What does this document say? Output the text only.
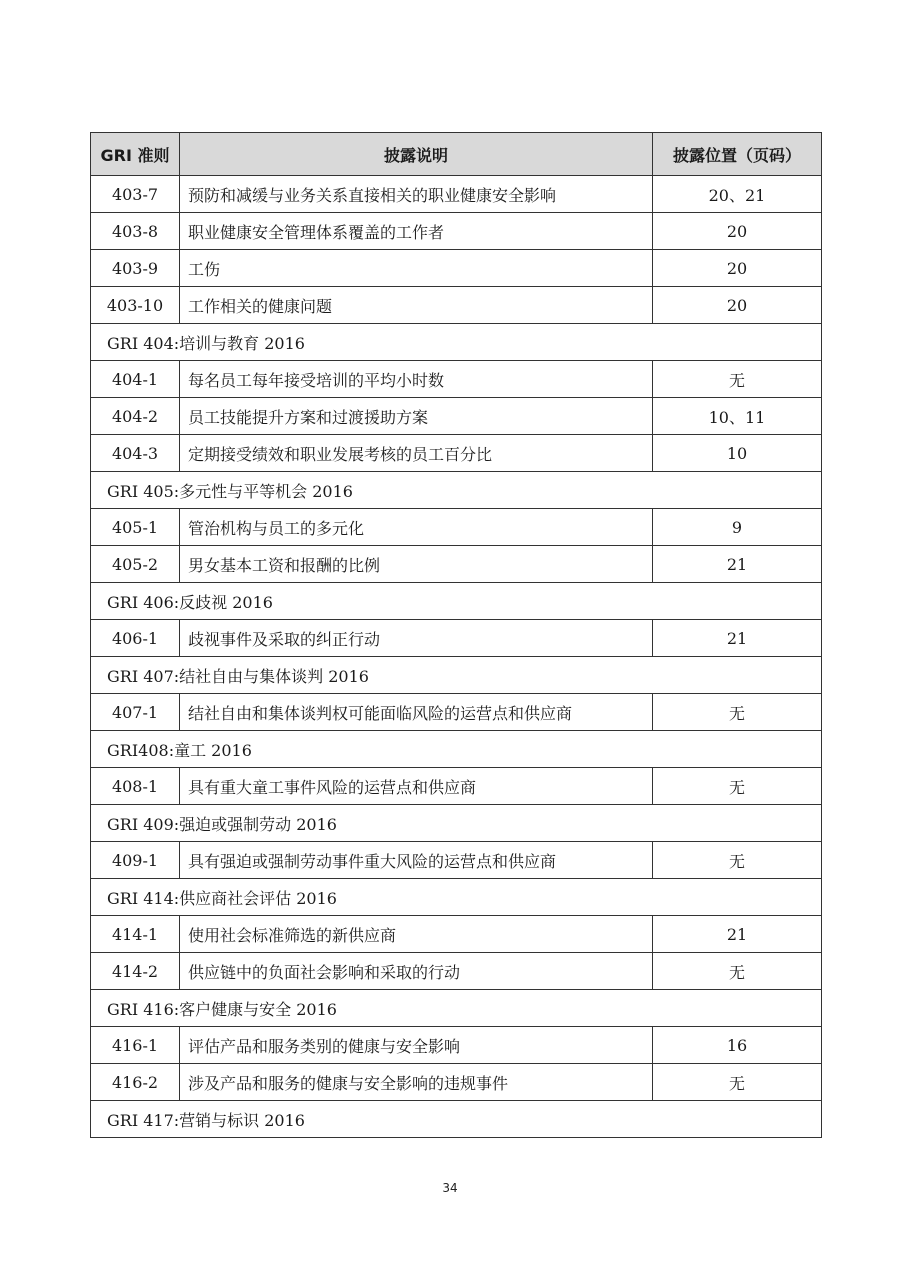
GRI 准则	披露说明	披露位置（页码）
403-7	预防和减缓与业务关系直接相关的职业健康安全影响	20、21
403-8	职业健康安全管理体系覆盖的工作者	20
403-9	工伤	20
403-10	工作相关的健康问题	20
GRI 404:培训与教育 2016		
404-1	每名员工每年接受培训的平均小时数	无
404-2	员工技能提升方案和过渡援助方案	10、11
404-3	定期接受绩效和职业发展考核的员工百分比	10
GRI 405:多元性与平等机会 2016		
405-1	管治机构与员工的多元化	9
405-2	男女基本工资和报酬的比例	21
GRI 406:反歧视 2016		
406-1	歧视事件及采取的纠正行动	21
GRI 407:结社自由与集体谈判 2016		
407-1	结社自由和集体谈判权可能面临风险的运营点和供应商	无
GRI408:童工 2016		
408-1	具有重大童工事件风险的运营点和供应商	无
GRI 409:强迫或强制劳动 2016		
409-1	具有强迫或强制劳动事件重大风险的运营点和供应商	无
GRI 414:供应商社会评估 2016		
414-1	使用社会标准筛选的新供应商	21
414-2	供应链中的负面社会影响和采取的行动	无
GRI 416:客户健康与安全 2016		
416-1	评估产品和服务类别的健康与安全影响	16
416-2	涉及产品和服务的健康与安全影响的违规事件	无
GRI 417:营销与标识 2016		
34
